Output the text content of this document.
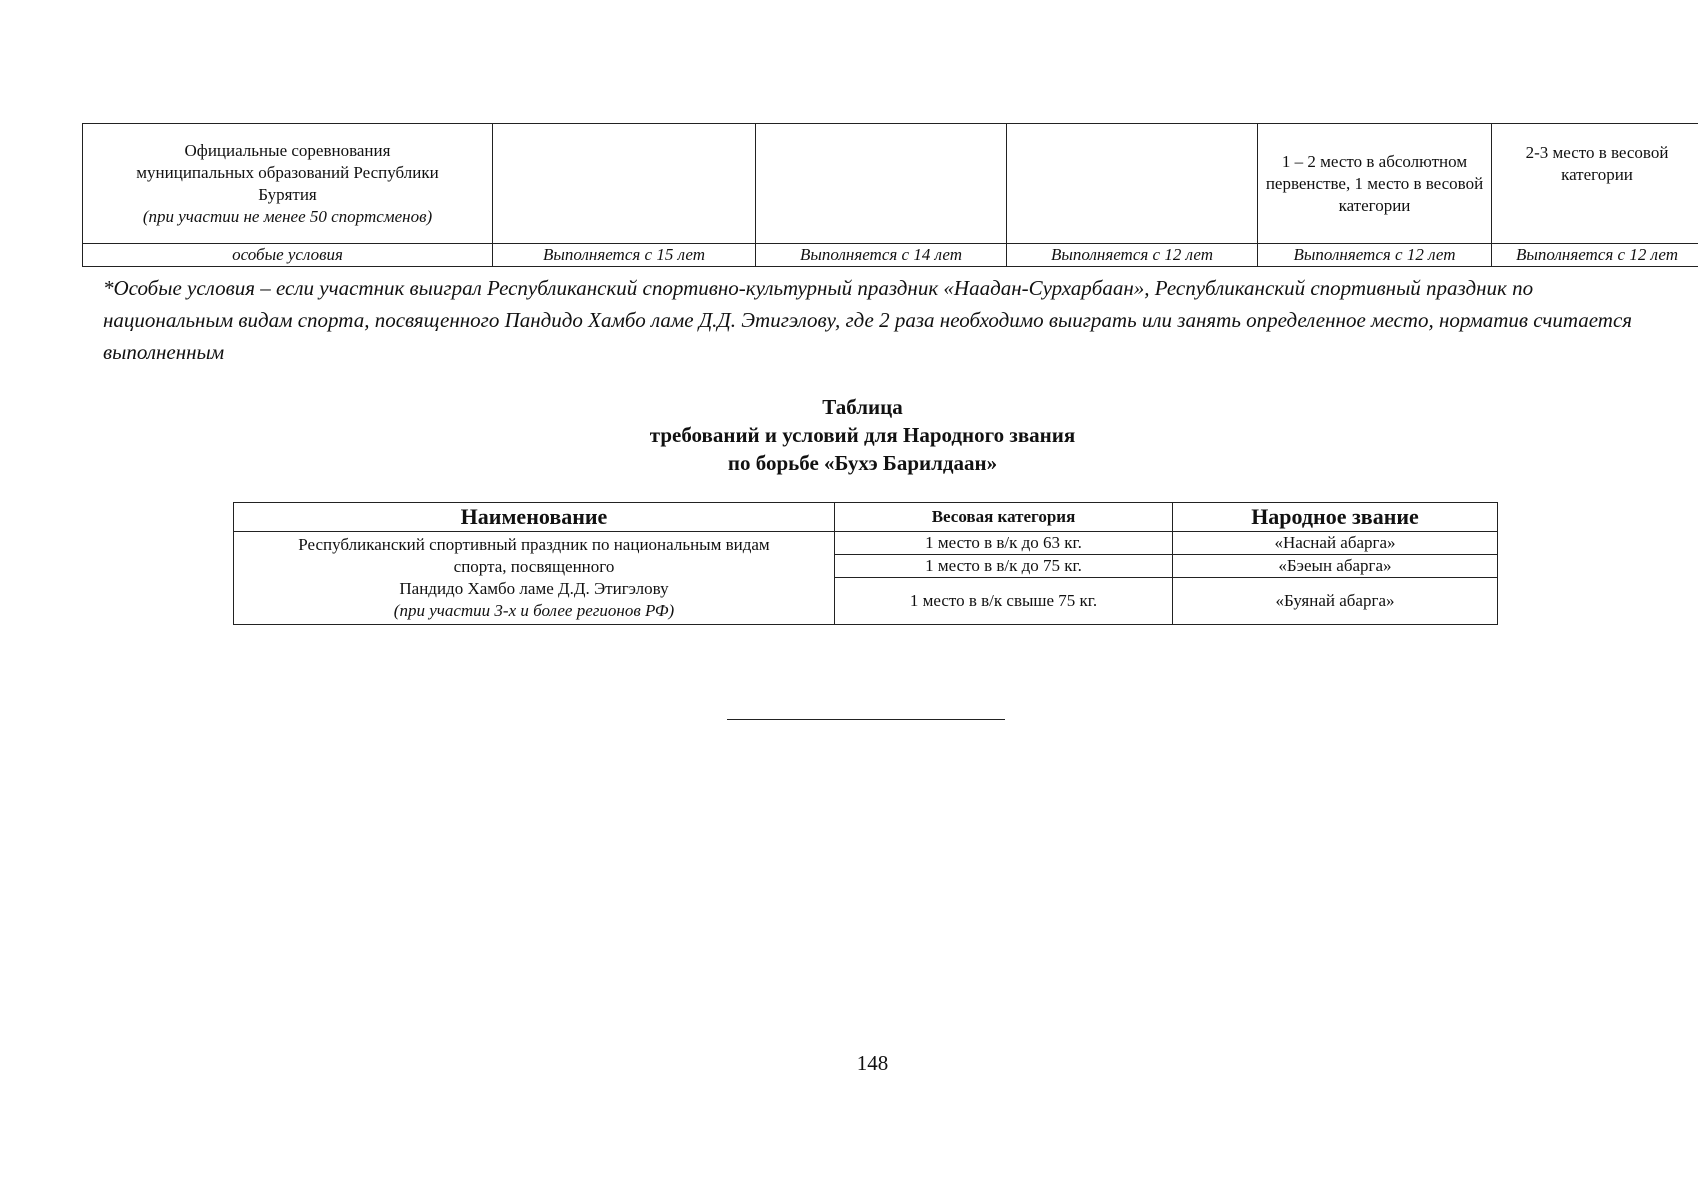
Официальные соревнования
муниципальных образований Республики
Бурятия
(при участии не менее 50 спортсменов)				1 – 2 место в абсолютном первенстве, 1 место в весовой категории	2-3 место в весовой категории
особые условия	Выполняется с 15 лет	Выполняется с 14 лет	Выполняется с 12 лет	Выполняется с 12 лет	Выполняется с 12 лет
*Особые условия – если участник выиграл Республиканский спортивно-культурный праздник «Наадан-Сурхарбаан», Республиканский спортивный праздник по национальным видам спорта, посвященного Пандидо Хамбо ламе Д.Д. Этигэлову, где 2 раза необходимо выиграть или занять определенное место, норматив считается выполненным
Таблица
требований и условий для Народного звания
по борьбе «Бухэ Барилдаан»
Наименование	Весовая категория	Народное звание

Республиканский спортивный праздник по национальным видам
спорта, посвященного
Пандидо Хамбо ламе Д.Д. Этигэлову
(при участии 3-х и более регионов РФ)	1 место в в/к до 63 кг.	«Наснай абарга»
	1 место в в/к до 75 кг.	«Бэеын абарга»
	1 место в в/к свыше 75 кг.	«Буянай абарга»
148
